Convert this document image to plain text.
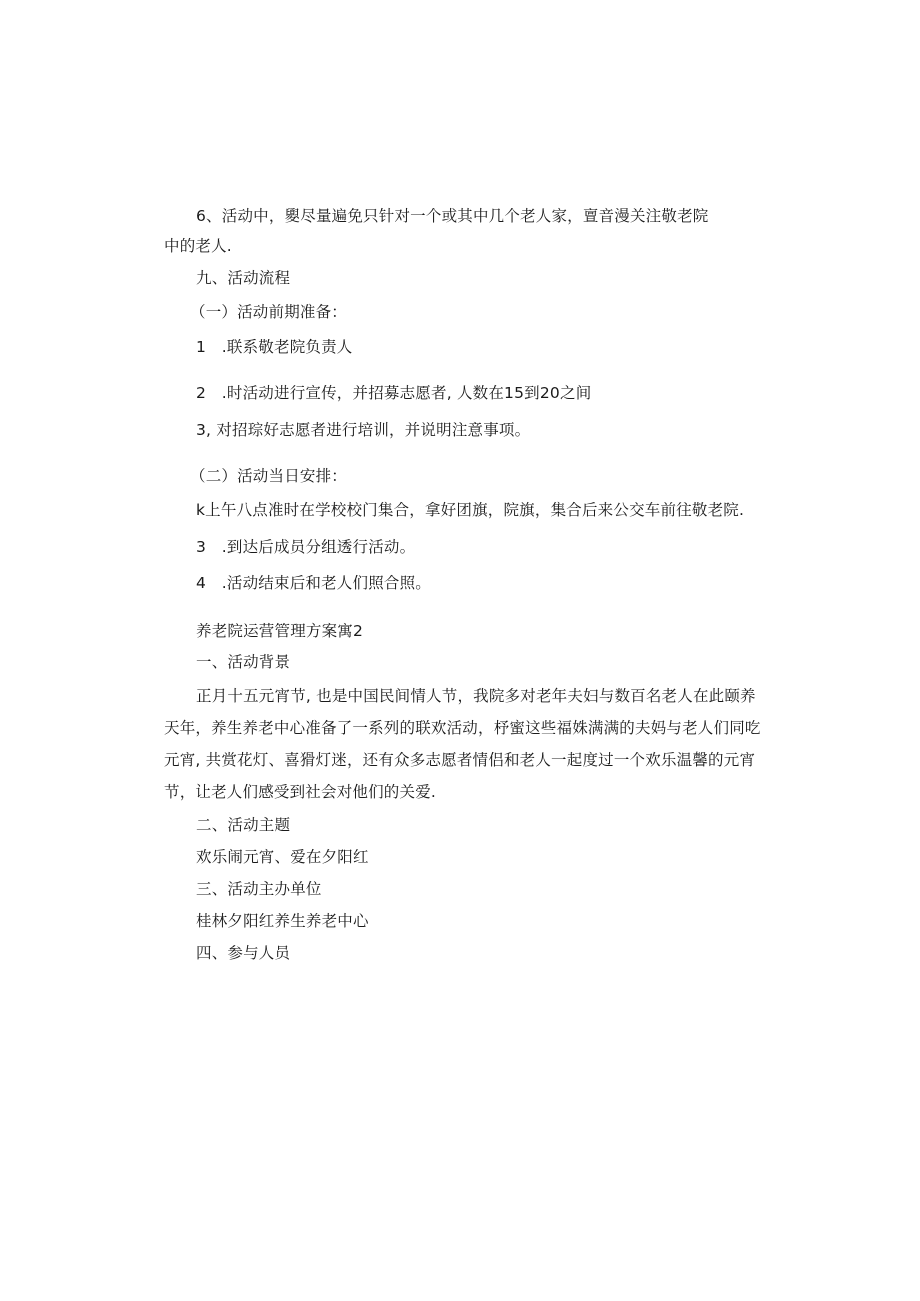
6、活动中，夓尽量遍免只针对一个或其中几个老人家，亶音漫关注敬老院
中的老人.
九、活动流程
（一）活动前期准备：
1　.联系敬老院负责人
2　.时活动进行宣传，并招募志愿者, 人数在15到20之间
3, 对招琮好志愿者进行培训，并说明注意事项。
（二）活动当日安排：
k上午八点准时在学校校门集合，拿好团旗，院旗，集合后来公交车前往敬老院.
3　.到达后成员分组透行活动。
4　.活动结束后和老人们照合照。
养老院运营管理方案寓2
一、活动背景
正月十五元宵节, 也是中国民间情人节，我院多对老年夫妇与数百名老人在此颐养
天年，养生养老中心准备了一系列的联欢活动，杼蜜这些福姝满满的夫妈与老人们同吃
元宵, 共赏花灯、喜猾灯迷，还有众多志愿者情侣和老人一起度过一个欢乐温馨的元宵
节，让老人们感受到社会对他们的关爱.
二、活动主题
欢乐闹元宵、爱在夕阳红
三、活动主办单位
桂林夕阳红养生养老中心
四、参与人员
